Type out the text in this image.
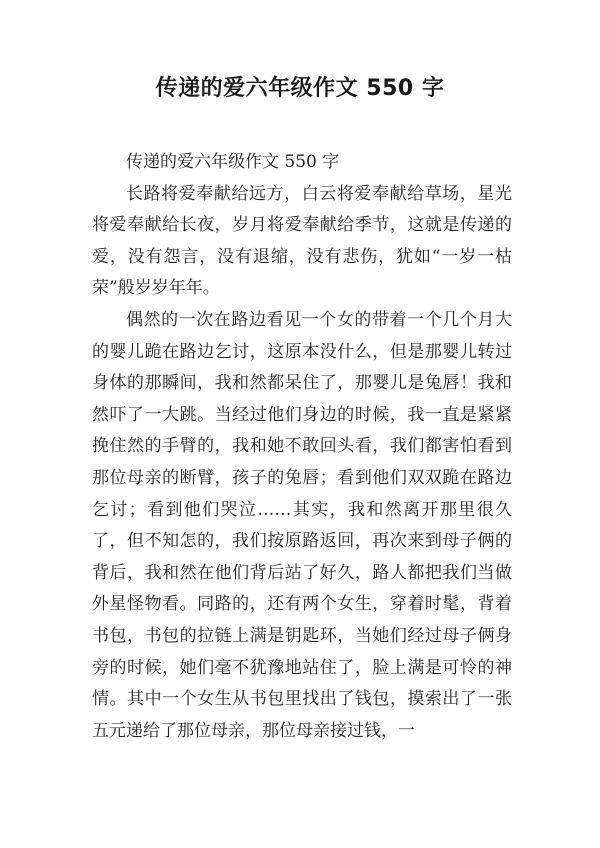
传递的爱六年级作文 550 字

传递的爱六年级作文 550 字

长路将爱奉献给远方，白云将爱奉献给草场，星光将爱奉献给长夜，岁月将爱奉献给季节，这就是传递的爱，没有怨言，没有退缩，没有悲伤，犹如“一岁一枯荣”般岁岁年年。

偶然的一次在路边看见一个女的带着一个几个月大的婴儿跪在路边乞讨，这原本没什么，但是那婴儿转过身体的那瞬间，我和然都呆住了，那婴儿是兔唇！我和然吓了一大跳。当经过他们身边的时候，我一直是紧紧挽住然的手臂的，我和她不敢回头看，我们都害怕看到那位母亲的断臂，孩子的兔唇；看到他们双双跪在路边乞讨；看到他们哭泣……其实，我和然离开那里很久了，但不知怎的，我们按原路返回，再次来到母子俩的背后，我和然在他们背后站了好久，路人都把我们当做外星怪物看。同路的，还有两个女生，穿着时髦，背着书包，书包的拉链上满是钥匙环，当她们经过母子俩身旁的时候，她们毫不犹豫地站住了，脸上满是可怜的神情。其中一个女生从书包里找出了钱包，摸索出了一张五元递给了那位母亲，那位母亲接过钱，一
